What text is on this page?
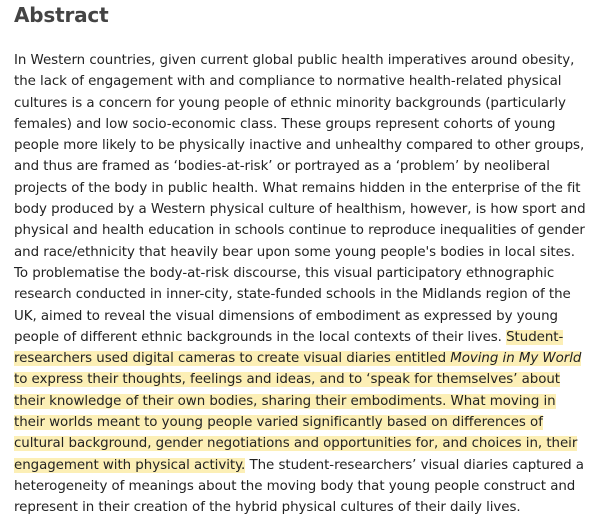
Abstract

In Western countries, given current global public health imperatives around obesity, the lack of engagement with and compliance to normative health-related physical cultures is a concern for young people of ethnic minority backgrounds (particularly females) and low socio-economic class. These groups represent cohorts of young people more likely to be physically inactive and unhealthy compared to other groups, and thus are framed as ‘bodies-at-risk’ or portrayed as a ‘problem’ by neoliberal projects of the body in public health. What remains hidden in the enterprise of the fit body produced by a Western physical culture of healthism, however, is how sport and physical and health education in schools continue to reproduce inequalities of gender and race/ethnicity that heavily bear upon some young people's bodies in local sites. To problematise the body-at-risk discourse, this visual participatory ethnographic research conducted in inner-city, state-funded schools in the Midlands region of the UK, aimed to reveal the visual dimensions of embodiment as expressed by young people of different ethnic backgrounds in the local contexts of their lives. Student-researchers used digital cameras to create visual diaries entitled Moving in My World to express their thoughts, feelings and ideas, and to ‘speak for themselves’ about their knowledge of their own bodies, sharing their embodiments. What moving in their worlds meant to young people varied significantly based on differences of cultural background, gender negotiations and opportunities for, and choices in, their engagement with physical activity. The student-researchers’ visual diaries captured a heterogeneity of meanings about the moving body that young people construct and represent in their creation of the hybrid physical cultures of their daily lives.
